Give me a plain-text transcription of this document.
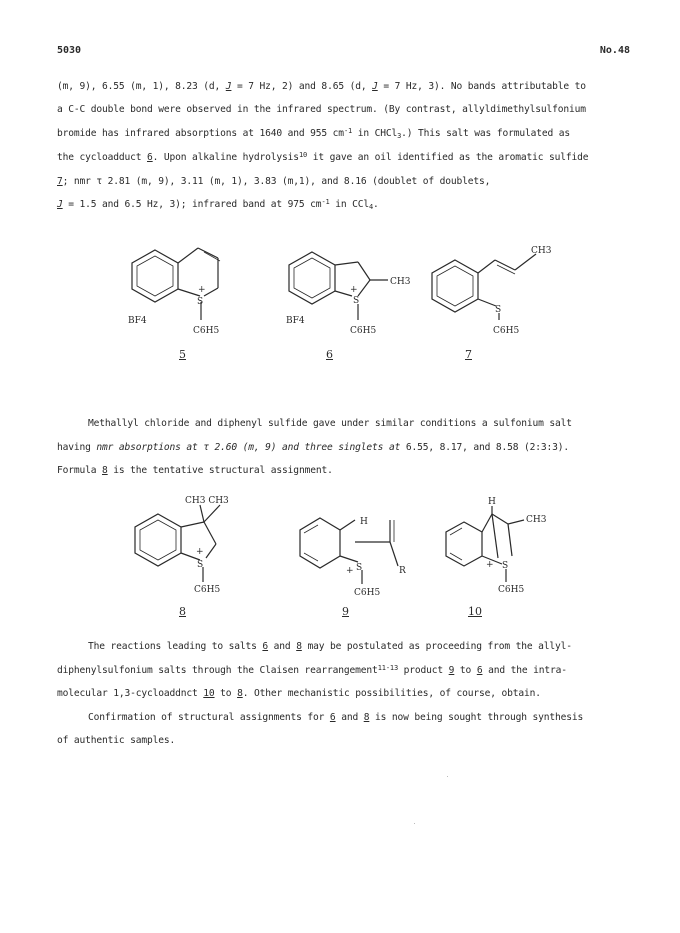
5030	No.48
(m, 9), 6.55 (m, 1), 8.23 (d, J = 7 Hz, 2) and 8.65 (d, J = 7 Hz, 3). No bands attributable to
a C-C double bond were observed in the infrared spectrum. (By contrast, allyldimethylsulfonium
bromide has infrared absorptions at 1640 and 955 $cm^{-1}$ in CHCl$_3$.) This salt was formulated as
the cycloadduct 6. Upon alkaline hydrolysis$^{10}$ it gave an oil identified as the aromatic sulfide
7; nmr τ 2.81 (m, 9), 3.11 (m, 1), 3.83 (m,1), and 8.16 (doublet of doublets,
J = 1.5 and 6.5 Hz, 3); infrared band at 975 $cm^{-1}$ in CCl$_4$.
+
S
BF4
C6H5
5
CH3
+
S
BF4
C6H5
6
CH3
S
C6H5
7
Methallyl chloride and diphenyl sulfide gave under similar conditions a sulfonium salt
having nmr absorptions at τ 2.60 (m, 9) and three singlets at 6.55, 8.17, and 8.58 (2:3:3).
Formula 8 is the tentative structural assignment.
CH3 CH3
+
S
C6H5
8
H
+ S	R
C6H5
9
H
CH3
+ S
C6H5
10
The reactions leading to salts 6 and 8 may be postulated as proceeding from the allyl-
diphenylsulfonium salts through the Claisen rearrangement$^{11-13}$ product 9 to 6 and the intra-
molecular 1,3-cycloaddnct 10 to 8. Other mechanistic possibilities, of course, obtain.
Confirmation of structural assignments for 6 and 8 is now being sought through synthesis
of authentic samples.
